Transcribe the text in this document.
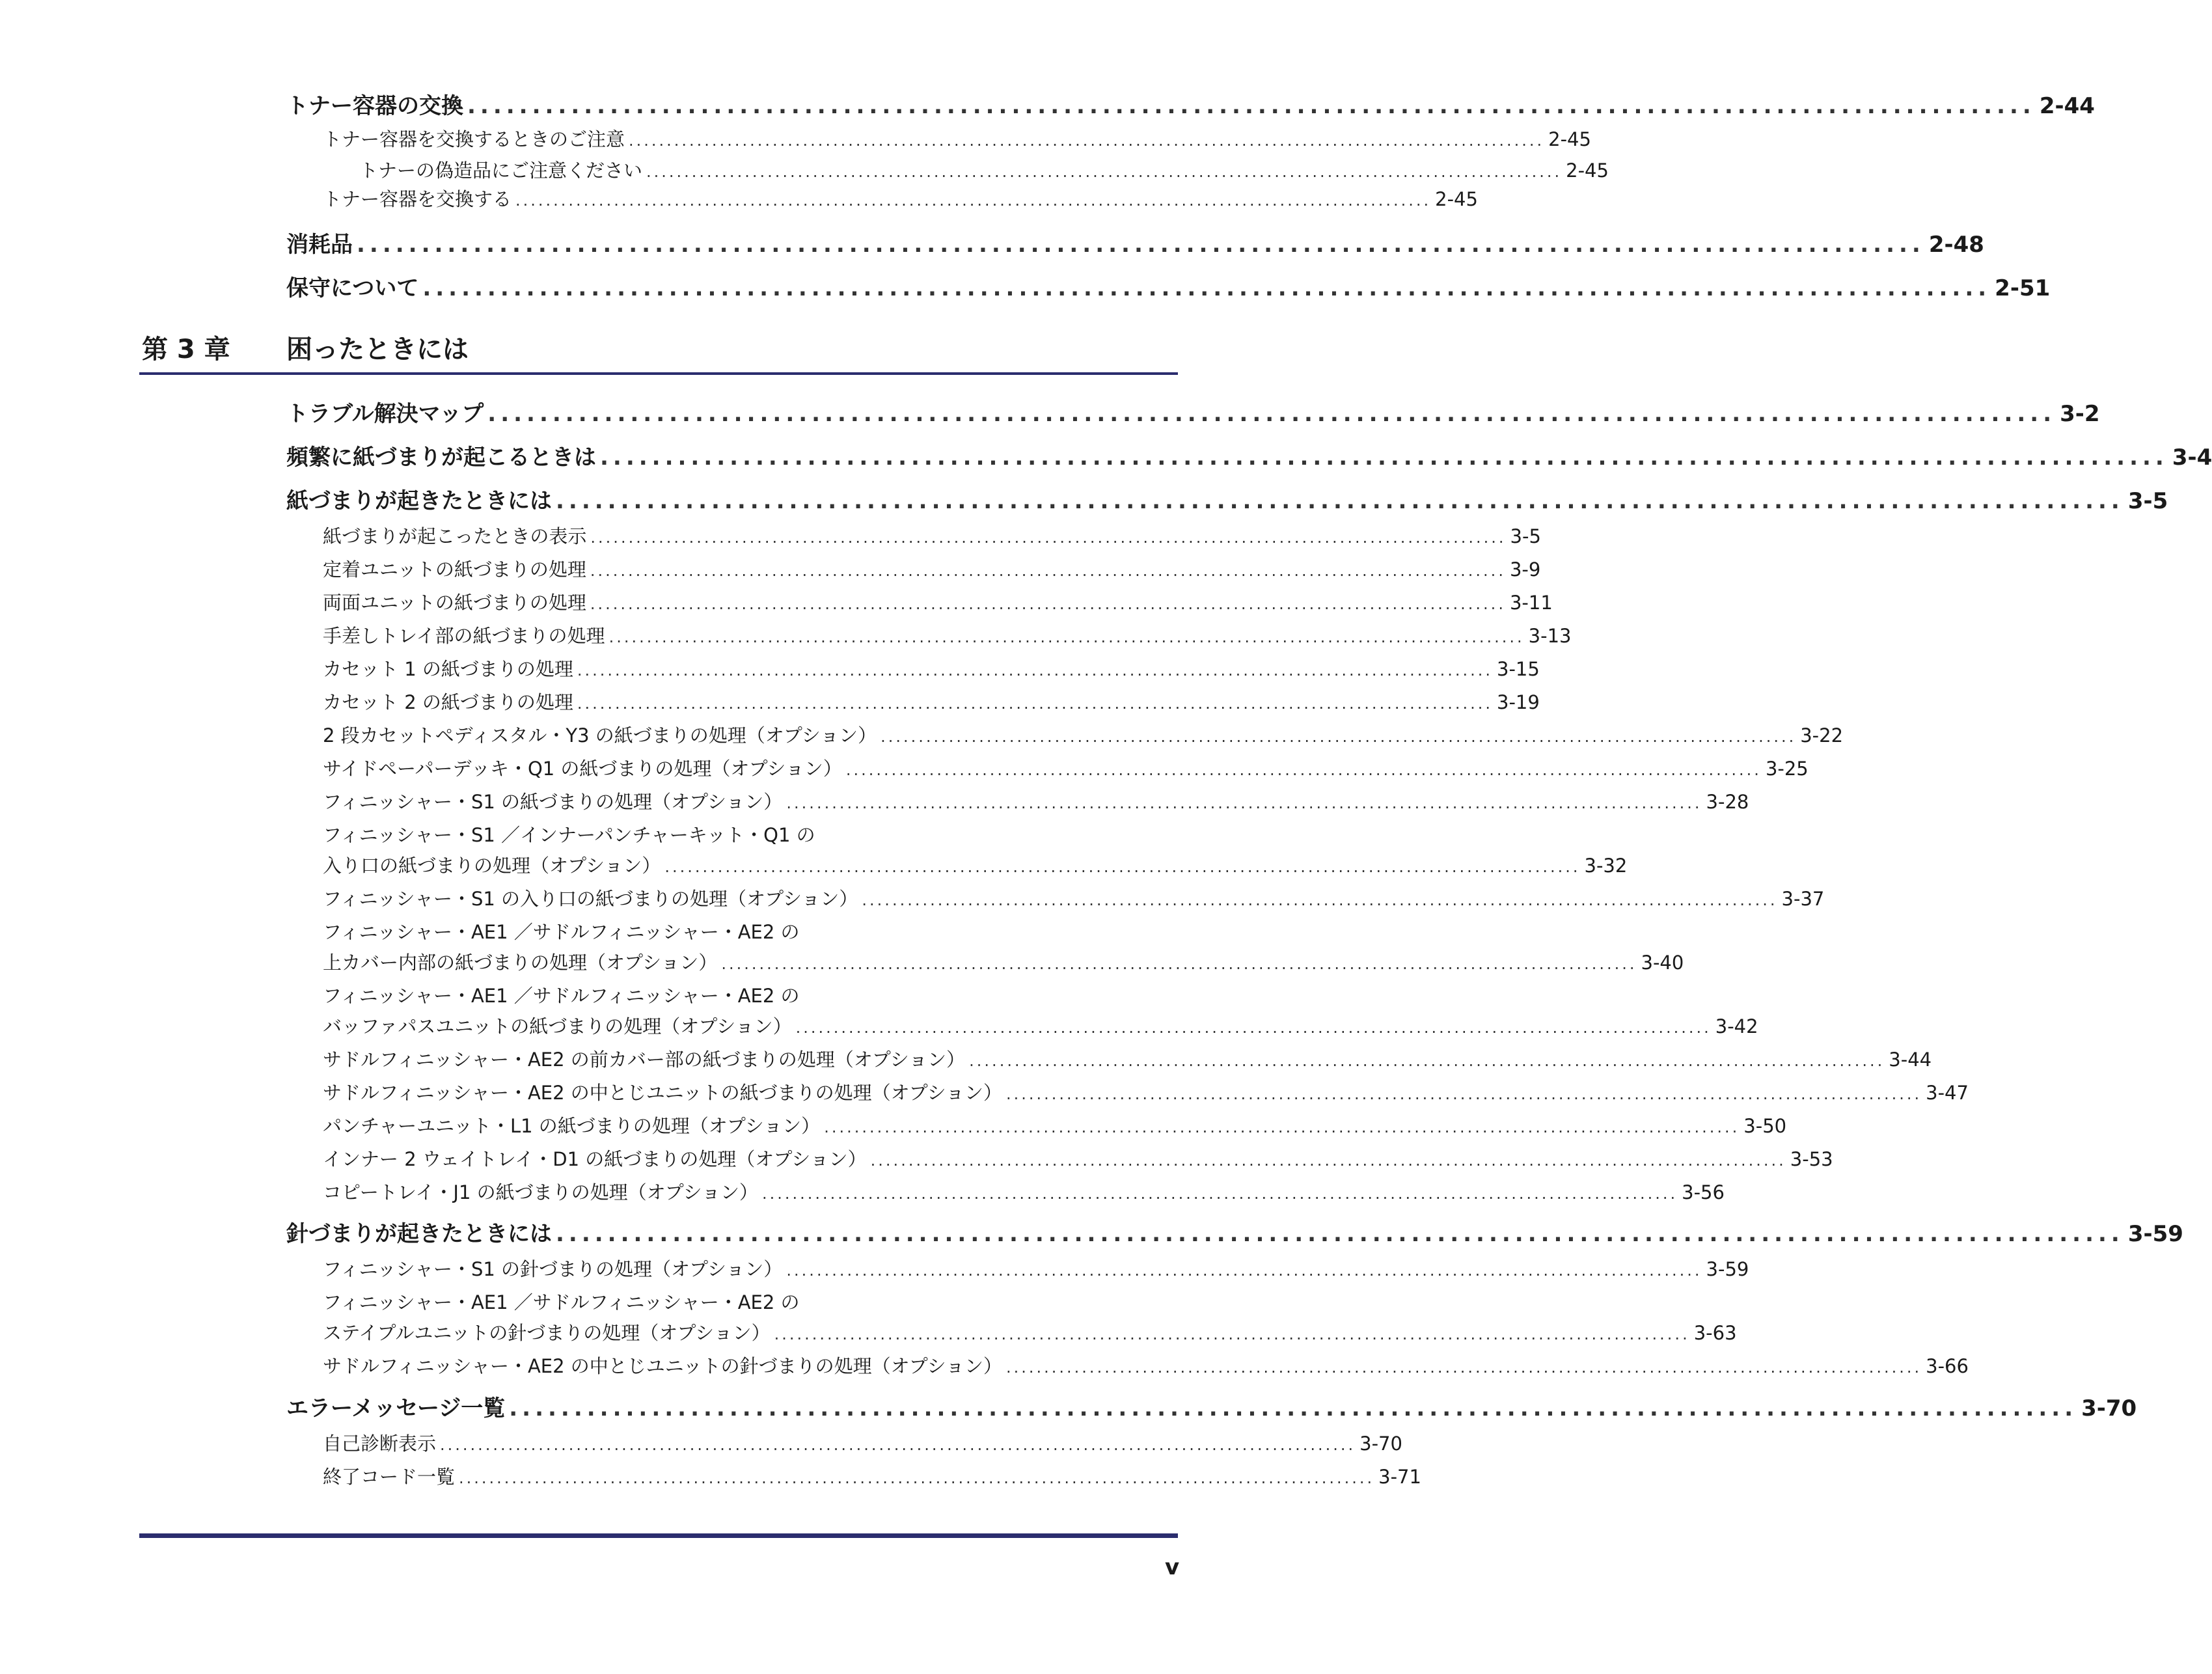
トナー容器の交換 ......................................................................................................................... 2-44
トナー容器を交換するときのご注意 ......................................................................................................................... 2-45
トナーの偽造品にご注意ください ......................................................................................................................... 2-45
トナー容器を交換する ......................................................................................................................... 2-45
消耗品 ......................................................................................................................... 2-48
保守について ......................................................................................................................... 2-51
第 3 章 困ったときには
トラブル解決マップ ......................................................................................................................... 3-2
頻繁に紙づまりが起こるときは ......................................................................................................................... 3-4
紙づまりが起きたときには ......................................................................................................................... 3-5
紙づまりが起こったときの表示 ......................................................................................................................... 3-5
定着ユニットの紙づまりの処理 ......................................................................................................................... 3-9
両面ユニットの紙づまりの処理 ......................................................................................................................... 3-11
手差しトレイ部の紙づまりの処理 ......................................................................................................................... 3-13
カセット 1 の紙づまりの処理 ......................................................................................................................... 3-15
カセット 2 の紙づまりの処理 ......................................................................................................................... 3-19
2 段カセットペディスタル・Y3 の紙づまりの処理（オプション） ......................................................................................................................... 3-22
サイドペーパーデッキ・Q1 の紙づまりの処理（オプション） ......................................................................................................................... 3-25
フィニッシャー・S1 の紙づまりの処理（オプション） ......................................................................................................................... 3-28
フィニッシャー・S1 ／インナーパンチャーキット・Q1 の
入り口の紙づまりの処理（オプション） ......................................................................................................................... 3-32
フィニッシャー・S1 の入り口の紙づまりの処理（オプション） ......................................................................................................................... 3-37
フィニッシャー・AE1 ／サドルフィニッシャー・AE2 の
上カバー内部の紙づまりの処理（オプション） ......................................................................................................................... 3-40
フィニッシャー・AE1 ／サドルフィニッシャー・AE2 の
バッファパスユニットの紙づまりの処理（オプション） ......................................................................................................................... 3-42
サドルフィニッシャー・AE2 の前カバー部の紙づまりの処理（オプション） ......................................................................................................................... 3-44
サドルフィニッシャー・AE2 の中とじユニットの紙づまりの処理（オプション） ......................................................................................................................... 3-47
パンチャーユニット・L1 の紙づまりの処理（オプション） ......................................................................................................................... 3-50
インナー 2 ウェイトレイ・D1 の紙づまりの処理（オプション） ......................................................................................................................... 3-53
コピートレイ・J1 の紙づまりの処理（オプション） ......................................................................................................................... 3-56
針づまりが起きたときには ......................................................................................................................... 3-59
フィニッシャー・S1 の針づまりの処理（オプション） ......................................................................................................................... 3-59
フィニッシャー・AE1 ／サドルフィニッシャー・AE2 の
ステイプルユニットの針づまりの処理（オプション） ......................................................................................................................... 3-63
サドルフィニッシャー・AE2 の中とじユニットの針づまりの処理（オプション） ......................................................................................................................... 3-66
エラーメッセージ一覧 ......................................................................................................................... 3-70
自己診断表示 ......................................................................................................................... 3-70
終了コード一覧 ......................................................................................................................... 3-71
v
